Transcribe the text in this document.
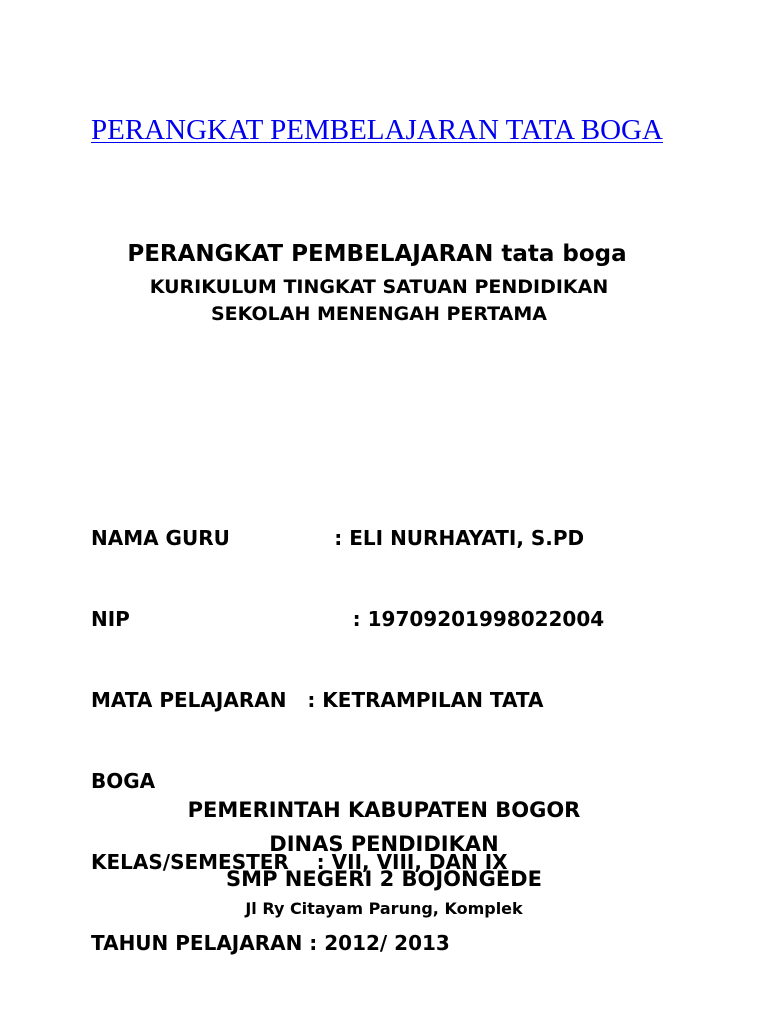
PERANGKAT PEMBELAJARAN TATA BOGA
PERANGKAT PEMBELAJARAN tata boga
KURIKULUM TINGKAT SATUAN PENDIDIKAN
SEKOLAH MENENGAH PERTAMA

NAMA GURU               : ELI NURHAYATI, S.PD

NIP                                : 19709201998022004

MATA PELAJARAN   : KETRAMPILAN TATA

BOGA

KELAS/SEMESTER    : VII, VIII, DAN IX

TAHUN PELAJARAN : 2012/ 2013

PEMERINTAH KABUPATEN BOGOR
DINAS PENDIDIKAN
SMP NEGERI 2 BOJONGEDE
Jl Ry Citayam Parung, Komplek
